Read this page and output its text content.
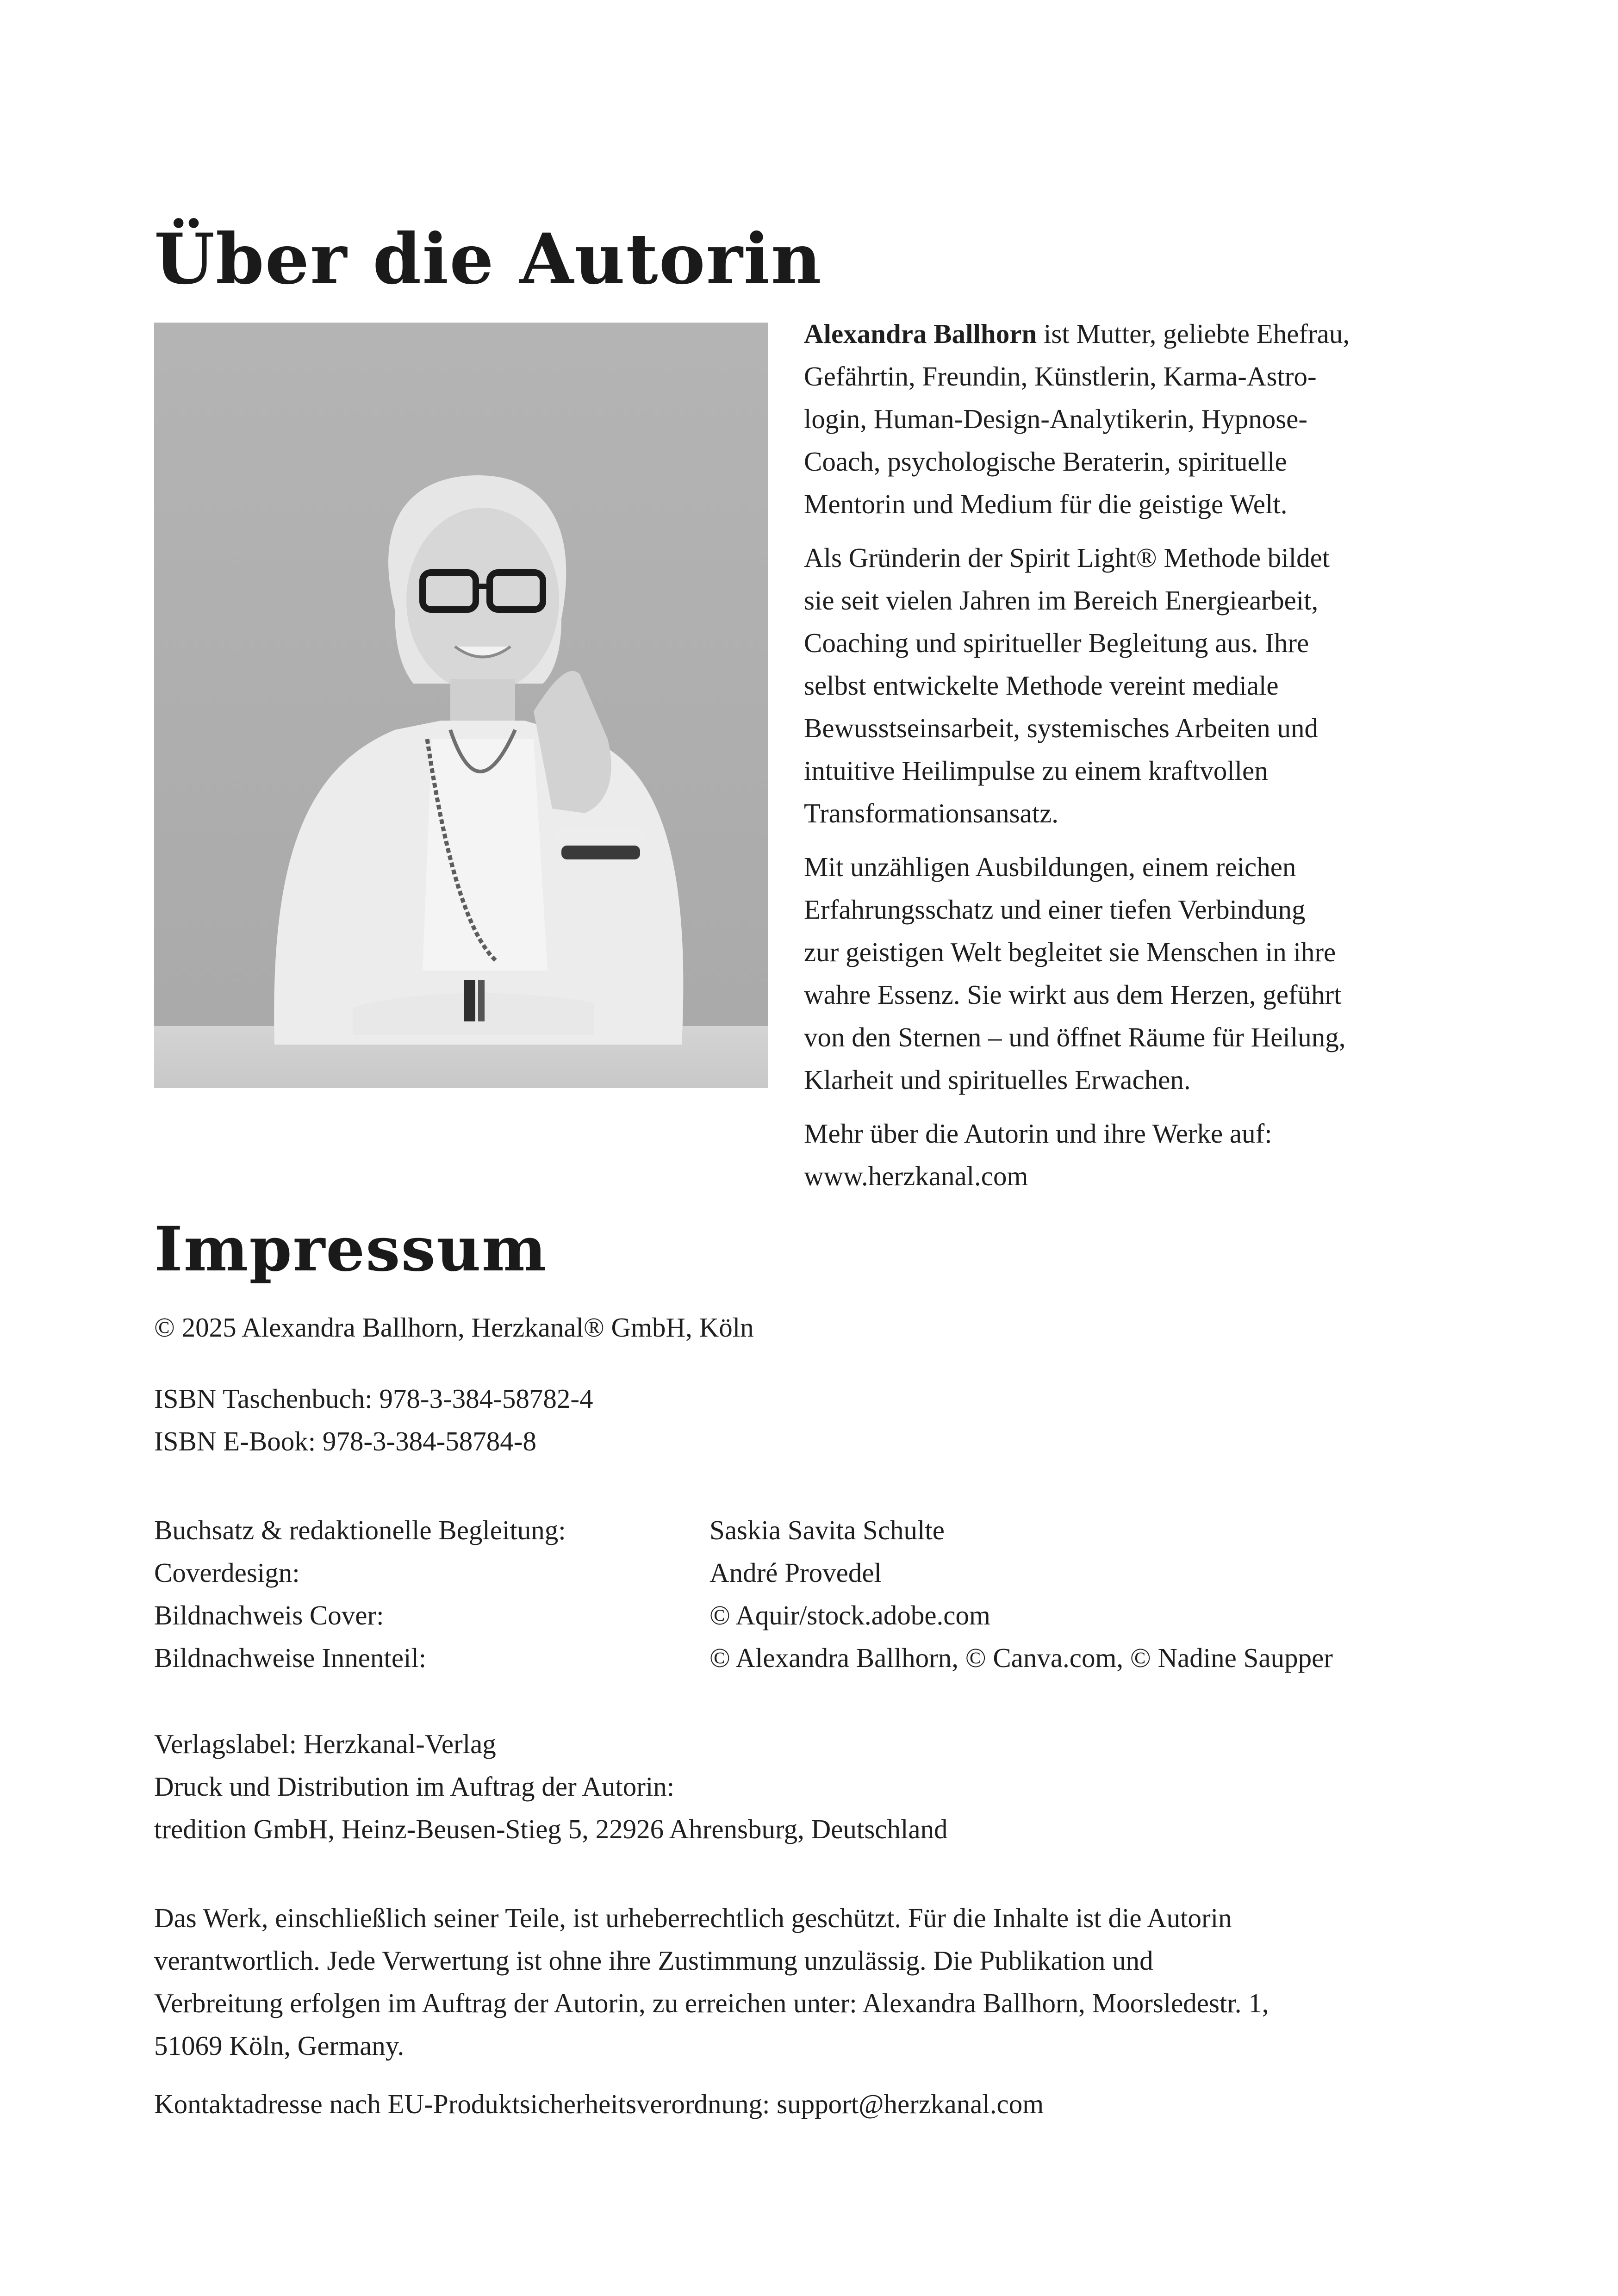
Über die Autorin

Alexandra Ballhorn ist Mutter, geliebte Ehefrau,
Gefährtin, Freundin, Künstlerin, Karma-Astro-
login, Human-Design-Analytikerin, Hypnose-
Coach, psychologische Beraterin, spirituelle
Mentorin und Medium für die geistige Welt.

Als Gründerin der Spirit Light® Methode bildet
sie seit vielen Jahren im Bereich Energiearbeit,
Coaching und spiritueller Begleitung aus. Ihre
selbst entwickelte Methode vereint mediale
Bewusstseinsarbeit, systemisches Arbeiten und
intuitive Heilimpulse zu einem kraftvollen
Transformationsansatz.

Mit unzähligen Ausbildungen, einem reichen
Erfahrungsschatz und einer tiefen Verbindung
zur geistigen Welt begleitet sie Menschen in ihre
wahre Essenz. Sie wirkt aus dem Herzen, geführt
von den Sternen – und öffnet Räume für Heilung,
Klarheit und spirituelles Erwachen.

Mehr über die Autorin und ihre Werke auf:
www.herzkanal.com

Impressum
© 2025 Alexandra Ballhorn, Herzkanal® GmbH, Köln
ISBN Taschenbuch: 978-3-384-58782-4
ISBN E-Book: 978-3-384-58784-8
Buchsatz & redaktionelle Begleitung:	Saskia Savita Schulte
Coverdesign:	André Provedel
Bildnachweis Cover:	© Aquir/stock.adobe.com
Bildnachweise Innenteil:	© Alexandra Ballhorn, © Canva.com, © Nadine Saupper
Verlagslabel: Herzkanal-Verlag
Druck und Distribution im Auftrag der Autorin:
tredition GmbH, Heinz-Beusen-Stieg 5, 22926 Ahrensburg, Deutschland
Das Werk, einschließlich seiner Teile, ist urheberrechtlich geschützt. Für die Inhalte ist die Autorin
verantwortlich. Jede Verwertung ist ohne ihre Zustimmung unzulässig. Die Publikation und
Verbreitung erfolgen im Auftrag der Autorin, zu erreichen unter: Alexandra Ballhorn, Moorsledestr. 1,
51069 Köln, Germany.
Kontaktadresse nach EU-Produktsicherheitsverordnung: support@herzkanal.com
